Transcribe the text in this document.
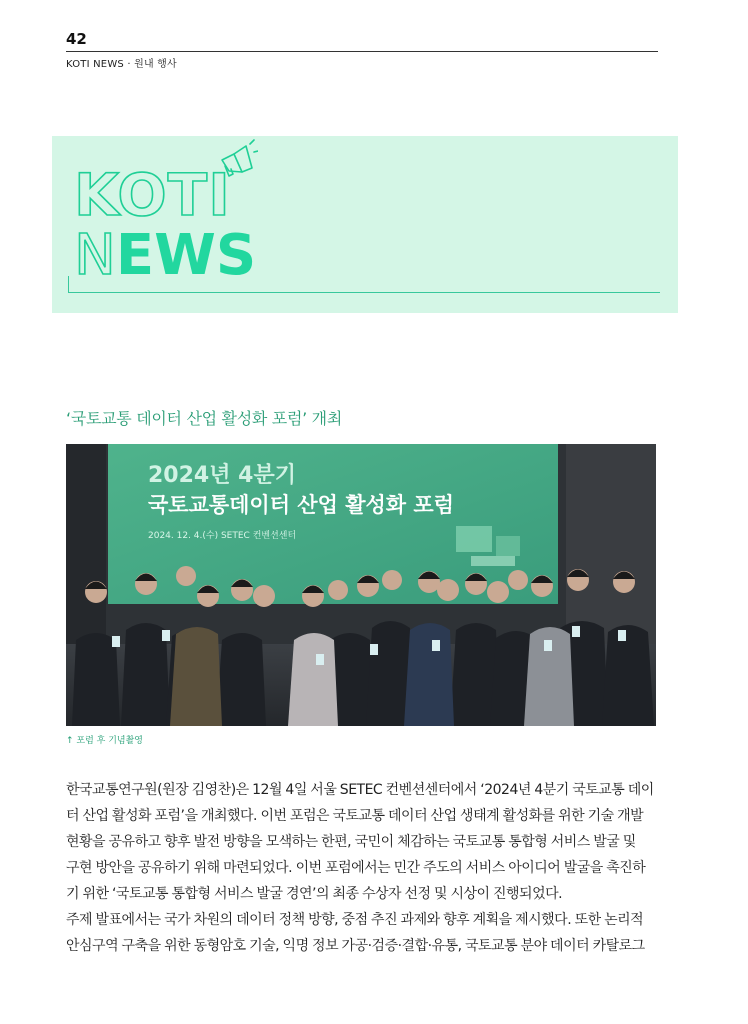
42
KOTI NEWS · 원내 행사
KOTI
NEWS
‘국토교통 데이터 산업 활성화 포럼’ 개최
2024년 4분기
국토교통데이터 산업 활성화 포럼
2024. 12. 4.(수) SETEC 컨벤션센터
↑ 포럼 후 기념촬영

한국교통연구원(원장 김영찬)은 12월 4일 서울 SETEC 컨벤션센터에서 ‘2024년 4분기 국토교통 데이

터 산업 활성화 포럼’을 개최했다. 이번 포럼은 국토교통 데이터 산업 생태계 활성화를 위한 기술 개발

현황을 공유하고 향후 발전 방향을 모색하는 한편, 국민이 체감하는 국토교통 통합형 서비스 발굴 및

구현 방안을 공유하기 위해 마련되었다. 이번 포럼에서는 민간 주도의 서비스 아이디어 발굴을 촉진하

기 위한 ‘국토교통 통합형 서비스 발굴 경연’의 최종 수상자 선정 및 시상이 진행되었다.

주제 발표에서는 국가 차원의 데이터 정책 방향, 중점 추진 과제와 향후 계획을 제시했다. 또한 논리적

안심구역 구축을 위한 동형암호 기술, 익명 정보 가공·검증·결합·유통, 국토교통 분야 데이터 카탈로그
